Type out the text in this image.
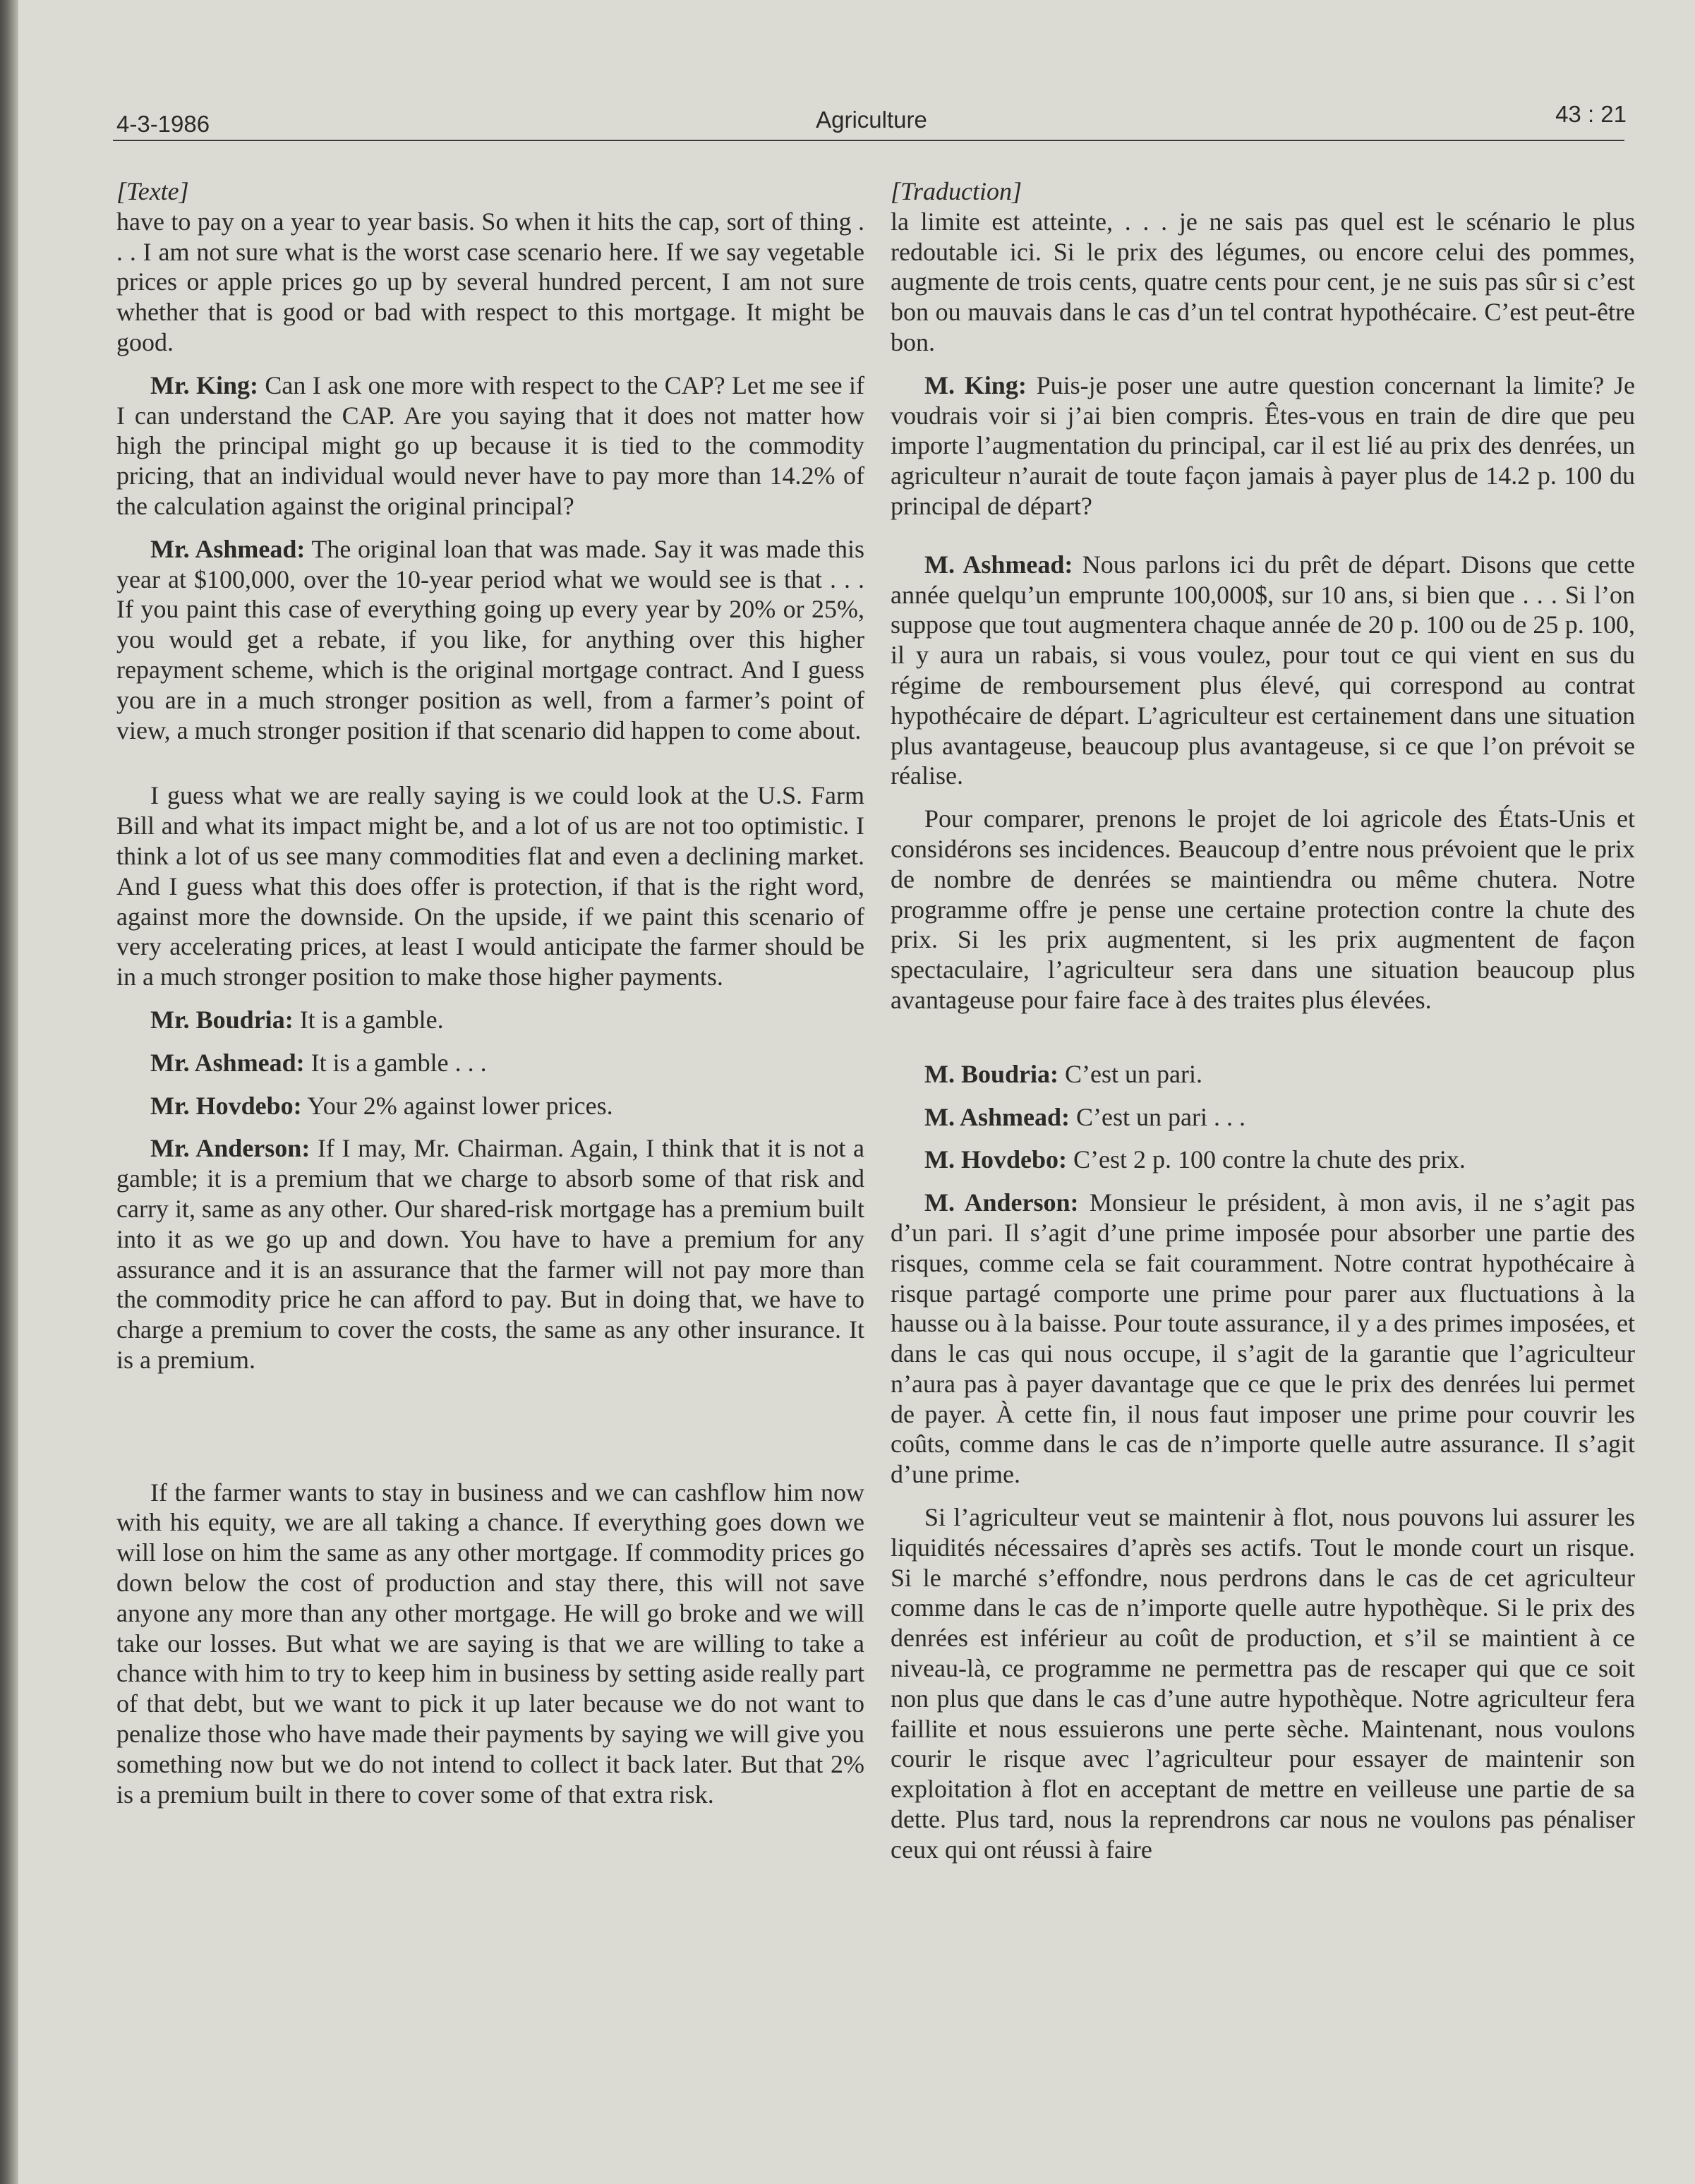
4-3-1986	Agriculture	43 : 21
[Texte]

have to pay on a year to year basis. So when it hits the cap, sort of thing . . . I am not sure what is the worst case scenario here. If we say vegetable prices or apple prices go up by several hundred percent, I am not sure whether that is good or bad with respect to this mortgage. It might be good.

Mr. King: Can I ask one more with respect to the CAP? Let me see if I can understand the CAP. Are you saying that it does not matter how high the principal might go up because it is tied to the commodity pricing, that an individual would never have to pay more than 14.2% of the calculation against the original principal?

Mr. Ashmead: The original loan that was made. Say it was made this year at $100,000, over the 10-year period what we would see is that . . . If you paint this case of everything going up every year by 20% or 25%, you would get a rebate, if you like, for anything over this higher repayment scheme, which is the original mortgage contract. And I guess you are in a much stronger position as well, from a farmer’s point of view, a much stronger position if that scenario did happen to come about.

I guess what we are really saying is we could look at the U.S. Farm Bill and what its impact might be, and a lot of us are not too optimistic. I think a lot of us see many commodities flat and even a declining market. And I guess what this does offer is protection, if that is the right word, against more the downside. On the upside, if we paint this scenario of very accelerating prices, at least I would anticipate the farmer should be in a much stronger position to make those higher payments.

Mr. Boudria: It is a gamble.

Mr. Ashmead: It is a gamble . . .

Mr. Hovdebo: Your 2% against lower prices.

Mr. Anderson: If I may, Mr. Chairman. Again, I think that it is not a gamble; it is a premium that we charge to absorb some of that risk and carry it, same as any other. Our shared-risk mortgage has a premium built into it as we go up and down. You have to have a premium for any assurance and it is an assurance that the farmer will not pay more than the commodity price he can afford to pay. But in doing that, we have to charge a premium to cover the costs, the same as any other insurance. It is a premium.

If the farmer wants to stay in business and we can cashflow him now with his equity, we are all taking a chance. If everything goes down we will lose on him the same as any other mortgage. If commodity prices go down below the cost of production and stay there, this will not save anyone any more than any other mortgage. He will go broke and we will take our losses. But what we are saying is that we are willing to take a chance with him to try to keep him in business by setting aside really part of that debt, but we want to pick it up later because we do not want to penalize those who have made their payments by saying we will give you something now but we do not intend to collect it back later. But that 2% is a premium built in there to cover some of that extra risk.

[Traduction]

la limite est atteinte, . . . je ne sais pas quel est le scénario le plus redoutable ici. Si le prix des légumes, ou encore celui des pommes, augmente de trois cents, quatre cents pour cent, je ne suis pas sûr si c’est bon ou mauvais dans le cas d’un tel contrat hypothécaire. C’est peut-être bon.

M. King: Puis-je poser une autre question concernant la limite? Je voudrais voir si j’ai bien compris. Êtes-vous en train de dire que peu importe l’augmentation du principal, car il est lié au prix des denrées, un agriculteur n’aurait de toute façon jamais à payer plus de 14.2 p. 100 du principal de départ?

M. Ashmead: Nous parlons ici du prêt de départ. Disons que cette année quelqu’un emprunte 100,000$, sur 10 ans, si bien que . . . Si l’on suppose que tout augmentera chaque année de 20 p. 100 ou de 25 p. 100, il y aura un rabais, si vous voulez, pour tout ce qui vient en sus du régime de remboursement plus élevé, qui correspond au contrat hypothécaire de départ. L’agriculteur est certainement dans une situation plus avantageuse, beaucoup plus avantageuse, si ce que l’on prévoit se réalise.

Pour comparer, prenons le projet de loi agricole des États-Unis et considérons ses incidences. Beaucoup d’entre nous prévoient que le prix de nombre de denrées se maintiendra ou même chutera. Notre programme offre je pense une certaine protection contre la chute des prix. Si les prix augmentent, si les prix augmentent de façon spectaculaire, l’agriculteur sera dans une situation beaucoup plus avantageuse pour faire face à des traites plus élevées.

M. Boudria: C’est un pari.

M. Ashmead: C’est un pari . . .

M. Hovdebo: C’est 2 p. 100 contre la chute des prix.

M. Anderson: Monsieur le président, à mon avis, il ne s’agit pas d’un pari. Il s’agit d’une prime imposée pour absorber une partie des risques, comme cela se fait couramment. Notre contrat hypothécaire à risque partagé comporte une prime pour parer aux fluctuations à la hausse ou à la baisse. Pour toute assurance, il y a des primes imposées, et dans le cas qui nous occupe, il s’agit de la garantie que l’agriculteur n’aura pas à payer davantage que ce que le prix des denrées lui permet de payer. À cette fin, il nous faut imposer une prime pour couvrir les coûts, comme dans le cas de n’importe quelle autre assurance. Il s’agit d’une prime.

Si l’agriculteur veut se maintenir à flot, nous pouvons lui assurer les liquidités nécessaires d’après ses actifs. Tout le monde court un risque. Si le marché s’effondre, nous perdrons dans le cas de cet agriculteur comme dans le cas de n’importe quelle autre hypothèque. Si le prix des denrées est inférieur au coût de production, et s’il se maintient à ce niveau-là, ce programme ne permettra pas de rescaper qui que ce soit non plus que dans le cas d’une autre hypothèque. Notre agriculteur fera faillite et nous essuierons une perte sèche. Maintenant, nous voulons courir le risque avec l’agriculteur pour essayer de maintenir son exploitation à flot en acceptant de mettre en veilleuse une partie de sa dette. Plus tard, nous la reprendrons car nous ne voulons pas pénaliser ceux qui ont réussi à faire
